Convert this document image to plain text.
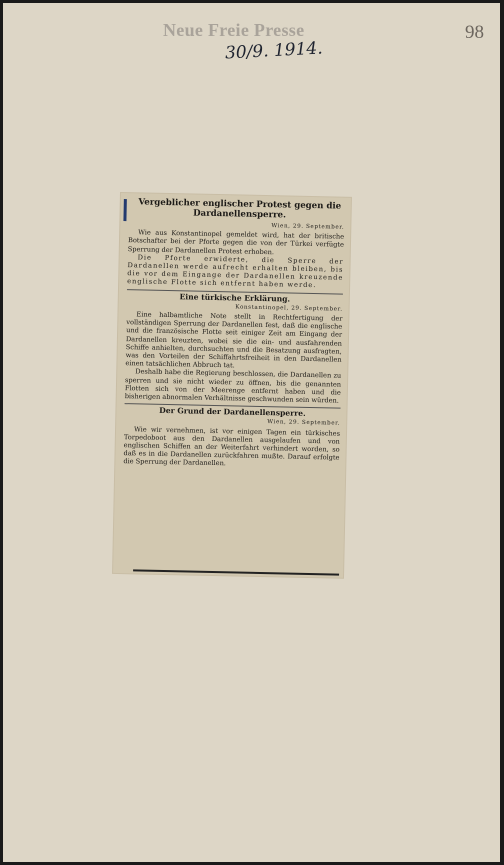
Neue Freie Presse	98
30/9. 1914.
Vergeblicher englischer Protest gegen die Dardanellensperre.
Wien, 29. September.

Wie aus Konstantinopel gemeldet wird, hat der britische Botschafter bei der Pforte gegen die von der Türkei verfügte Sperrung der Dardanellen Protest erhoben.

Die Pforte erwiderte, die Sperre der Dardanellen werde aufrecht erhalten bleiben, bis die vor dem Eingange der Dardanellen kreuzende englische Flotte sich entfernt haben werde.

Eine türkische Erklärung.
Konstantinopel, 29. September.

Eine halbamtliche Note stellt in Rechtfertigung der vollständigen Sperrung der Dardanellen fest, daß die englische und die französische Flotte seit einiger Zeit am Eingang der Dardanellen kreuzten, wobei sie die ein- und ausfahrenden Schiffe anhielten, durchsuchten und die Besatzung ausfragten, was den Vorteilen der Schiffahrtsfreiheit in den Dardanellen einen tatsächlichen Abbruch tat.

Deshalb habe die Regierung beschlossen, die Dardanellen zu sperren und sie nicht wieder zu öffnen, bis die genannten Flotten sich von der Meerenge entfernt haben und die bisherigen abnormalen Verhältnisse geschwunden sein würden.

Der Grund der Dardanellensperre.
Wien, 29. September.

Wie wir vernehmen, ist vor einigen Tagen ein türkisches Torpedoboot aus den Dardanellen ausgelaufen und von englischen Schiffen an der Weiterfahrt verhindert worden, so daß es in die Dardanellen zurückfahren mußte. Darauf erfolgte die Sperrung der Dardanellen.
